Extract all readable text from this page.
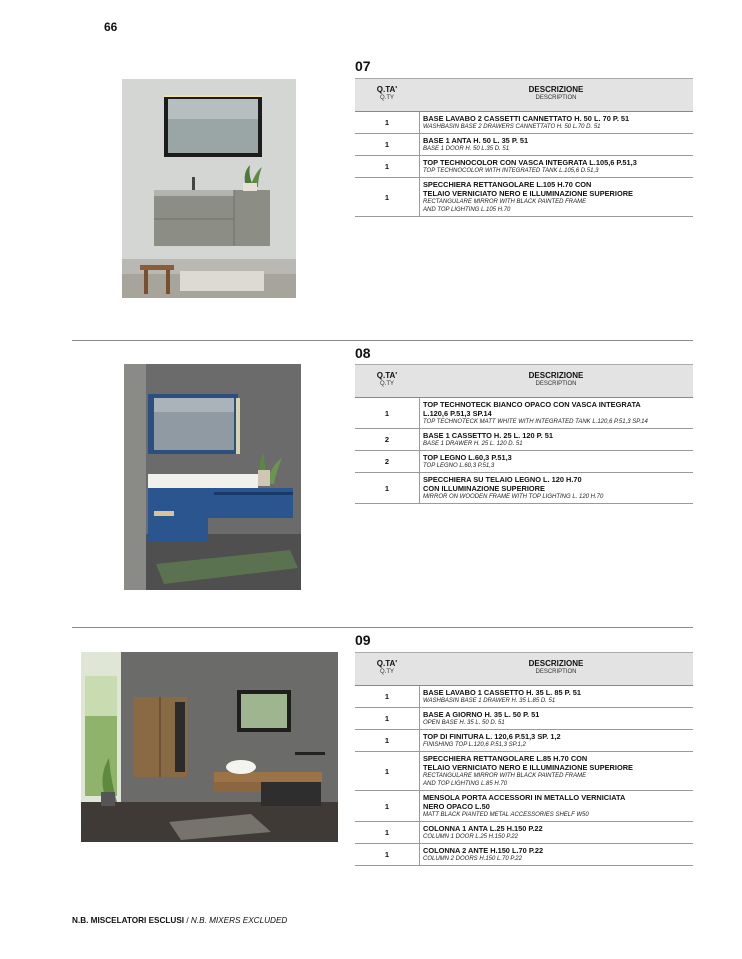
66
07
Q.TA'
Q.TY
DESCRIZIONE
DESCRIPTION
1	BASE LAVABO 2 CASSETTI CANNETTATO H. 50 L. 70 P. 51
WASHBASIN BASE 2 DRAWERS CANNETTATO H. 50 L.70 D. 51
1	BASE 1 ANTA H. 50 L. 35 P. 51
BASE 1 DOOR H. 50 L.35 D. 51
1	TOP TECHNOCOLOR CON VASCA INTEGRATA L.105,6 P.51,3
TOP TECHNOCOLOR WITH INTEGRATED TANK L.105,6 D.51,3
1
SPECCHIERA RETTANGOLARE L.105 H.70 CON
TELAIO VERNICIATO NERO E ILLUMINAZIONE SUPERIORE
RECTANGULARE MIRROR WITH BLACK PAINTED FRAME
AND TOP LIGHTING L.105 H.70
08
Q.TA'
Q.TY
DESCRIZIONE
DESCRIPTION
1
TOP TECHNOTECK BIANCO OPACO CON VASCA INTEGRATA
L.120,6 P.51,3 SP.14
TOP TECHNOTECK MATT WHITE WITH INTEGRATED TANK L.120,6 P.51,3 SP.14
2	BASE 1 CASSETTO H. 25 L. 120 P. 51
BASE 1 DRAWER H. 25 L. 120 D. 51
2	TOP LEGNO L.60,3 P.51,3
TOP LEGNO L.60,3 P.51,3
1
SPECCHIERA SU TELAIO LEGNO L. 120 H.70
CON ILLUMINAZIONE SUPERIORE
MIRROR ON WOODEN FRAME WITH TOP LIGHTING L. 120 H.70
09
Q.TA'
Q.TY
DESCRIZIONE
DESCRIPTION
1	BASE LAVABO 1 CASSETTO H. 35 L. 85 P. 51
WASHBASIN BASE 1 DRAWER H. 35 L.85 D. 51
1	BASE A GIORNO H. 35 L. 50 P. 51
OPEN BASE H. 35 L. 50 D. 51
1	TOP DI FINITURA L. 120,6 P.51,3 SP. 1,2
FINISHING TOP L.120,6 P.51,3 SP.1,2
1
SPECCHIERA RETTANGOLARE L.85 H.70 CON
TELAIO VERNICIATO NERO E ILLUMINAZIONE SUPERIORE
RECTANGULARE MIRROR WITH BLACK PAINTED FRAME
AND TOP LIGHTING L.85 H.70
1
MENSOLA PORTA ACCESSORI IN METALLO VERNICIATA
NERO OPACO L.50
MATT BLACK PIANTED METAL ACCESSORIES SHELF W50
1	COLONNA 1 ANTA L.25 H.150 P.22
COLUMN 1 DOOR L.25 H.150 P.22
1	COLONNA 2 ANTE H.150 L.70 P.22
COLUMN 2 DOORS H.150 L.70 P.22
N.B. MISCELATORI ESCLUSI / N.B. MIXERS EXCLUDED
